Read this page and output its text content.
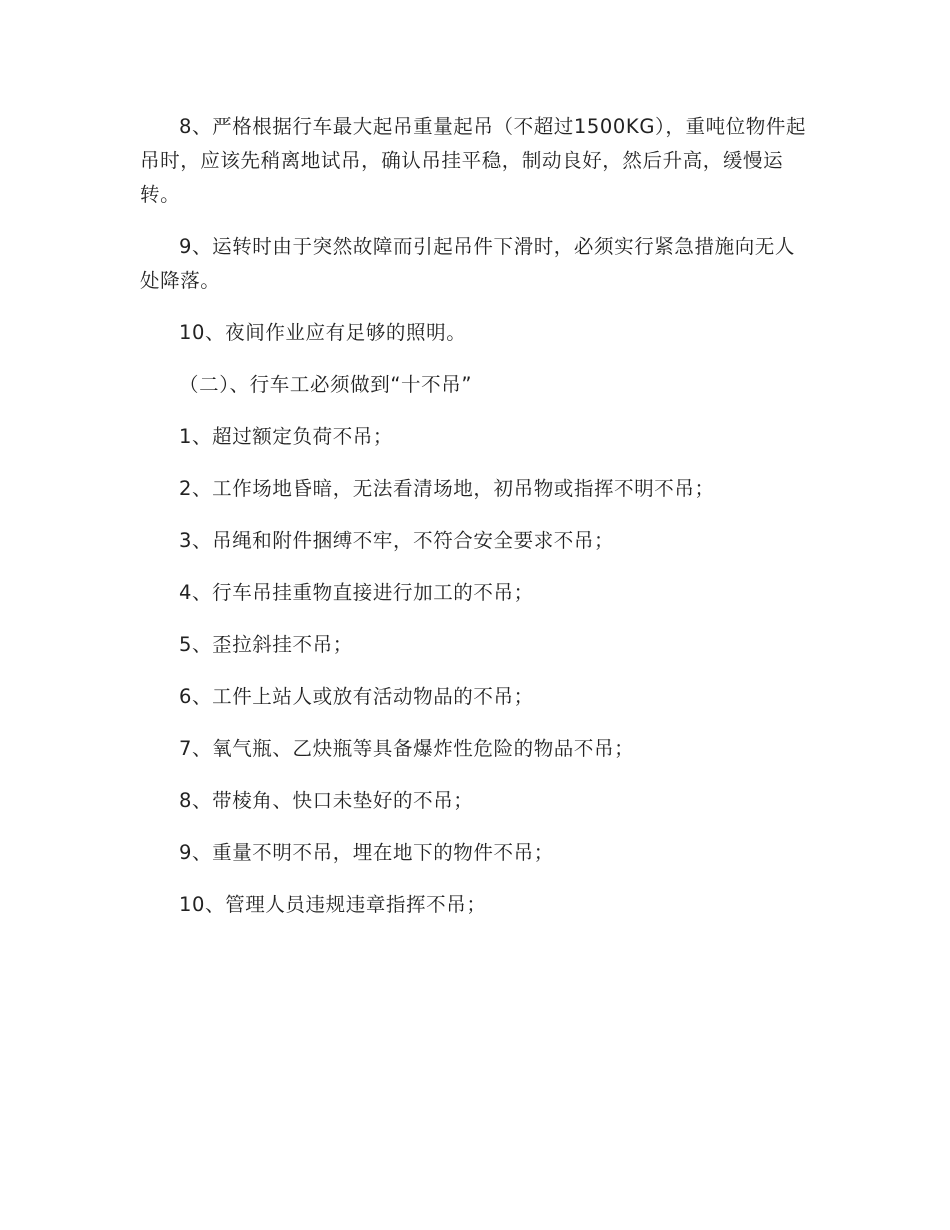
8、严格根据行车最大起吊重量起吊（不超过1500KG），重吨位物件起吊时，应该先稍离地试吊，确认吊挂平稳，制动良好，然后升高，缓慢运转。

9、运转时由于突然故障而引起吊件下滑时，必须实行紧急措施向无人处降落。

10、夜间作业应有足够的照明。

（二）、行车工必须做到“十不吊”

1、超过额定负荷不吊；

2、工作场地昏暗，无法看清场地，初吊物或指挥不明不吊；

3、吊绳和附件捆缚不牢，不符合安全要求不吊；

4、行车吊挂重物直接进行加工的不吊；

5、歪拉斜挂不吊；

6、工件上站人或放有活动物品的不吊；

7、氧气瓶、乙炔瓶等具备爆炸性危险的物品不吊；

8、带棱角、快口未垫好的不吊；

9、重量不明不吊，埋在地下的物件不吊；

10、管理人员违规违章指挥不吊；
